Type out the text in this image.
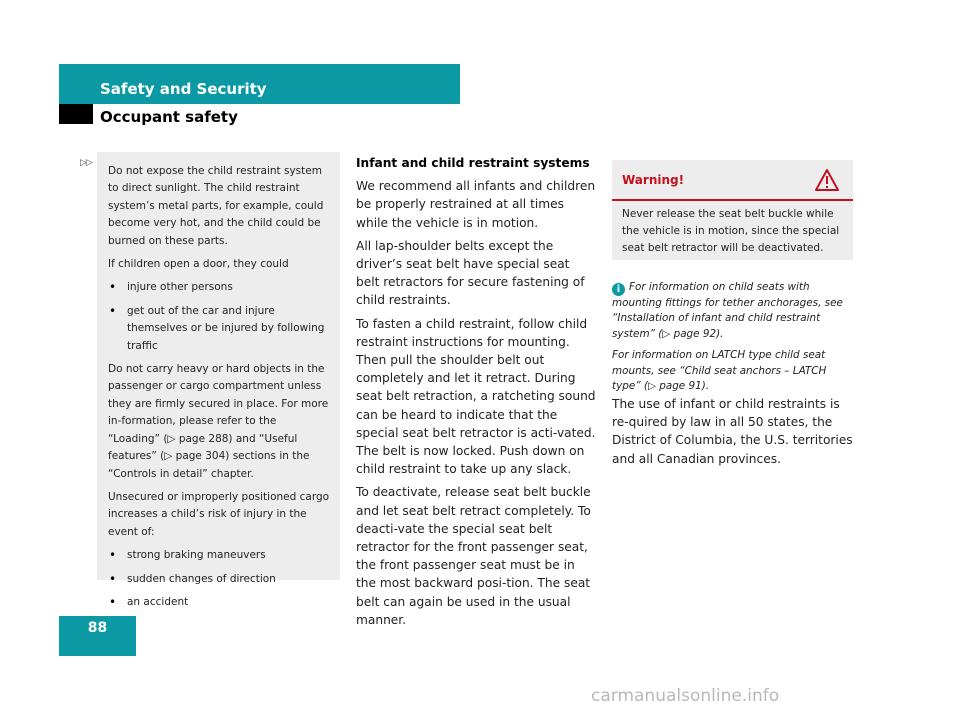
Safety and Security
Occupant safety
▷▷

Do not expose the child restraint system to direct sunlight. The child restraint system’s metal parts, for example, could become very hot, and the child could be burned on these parts.

If children open a door, they could

• injure other persons
• get out of the car and injure themselves or be injured by following traffic

Do not carry heavy or hard objects in the passenger or cargo compartment unless they are firmly secured in place. For more in-formation, please refer to the “Loading” (▷ page 288) and “Useful features” (▷ page 304) sections in the “Controls in detail” chapter.

Unsecured or improperly positioned cargo increases a child’s risk of injury in the event of:

• strong braking maneuvers
• sudden changes of direction
• an accident
Infant and child restraint systems

We recommend all infants and children be properly restrained at all times while the vehicle is in motion.

All lap-shoulder belts except the driver’s seat belt have special seat belt retractors for secure fastening of child restraints.

To fasten a child restraint, follow child restraint instructions for mounting. Then pull the shoulder belt out completely and let it retract. During seat belt retraction, a ratcheting sound can be heard to indicate that the special seat belt retractor is acti-vated. The belt is now locked. Push down on child restraint to take up any slack.

To deactivate, release seat belt buckle and let seat belt retract completely. To deacti-vate the special seat belt retractor for the front passenger seat, the front passenger seat must be in the most backward posi-tion. The seat belt can again be used in the usual manner.

Warning!
Never release the seat belt buckle while the vehicle is in motion, since the special seat belt retractor will be deactivated.

i For information on child seats with mounting fittings for tether anchorages, see “Installation of infant and child restraint system” (▷ page 92).

For information on LATCH type child seat mounts, see “Child seat anchors – LATCH type” (▷ page 91).

The use of infant or child restraints is re-quired by law in all 50 states, the District of Columbia, the U.S. territories and all Canadian provinces.
88
carmanualsonline.info
